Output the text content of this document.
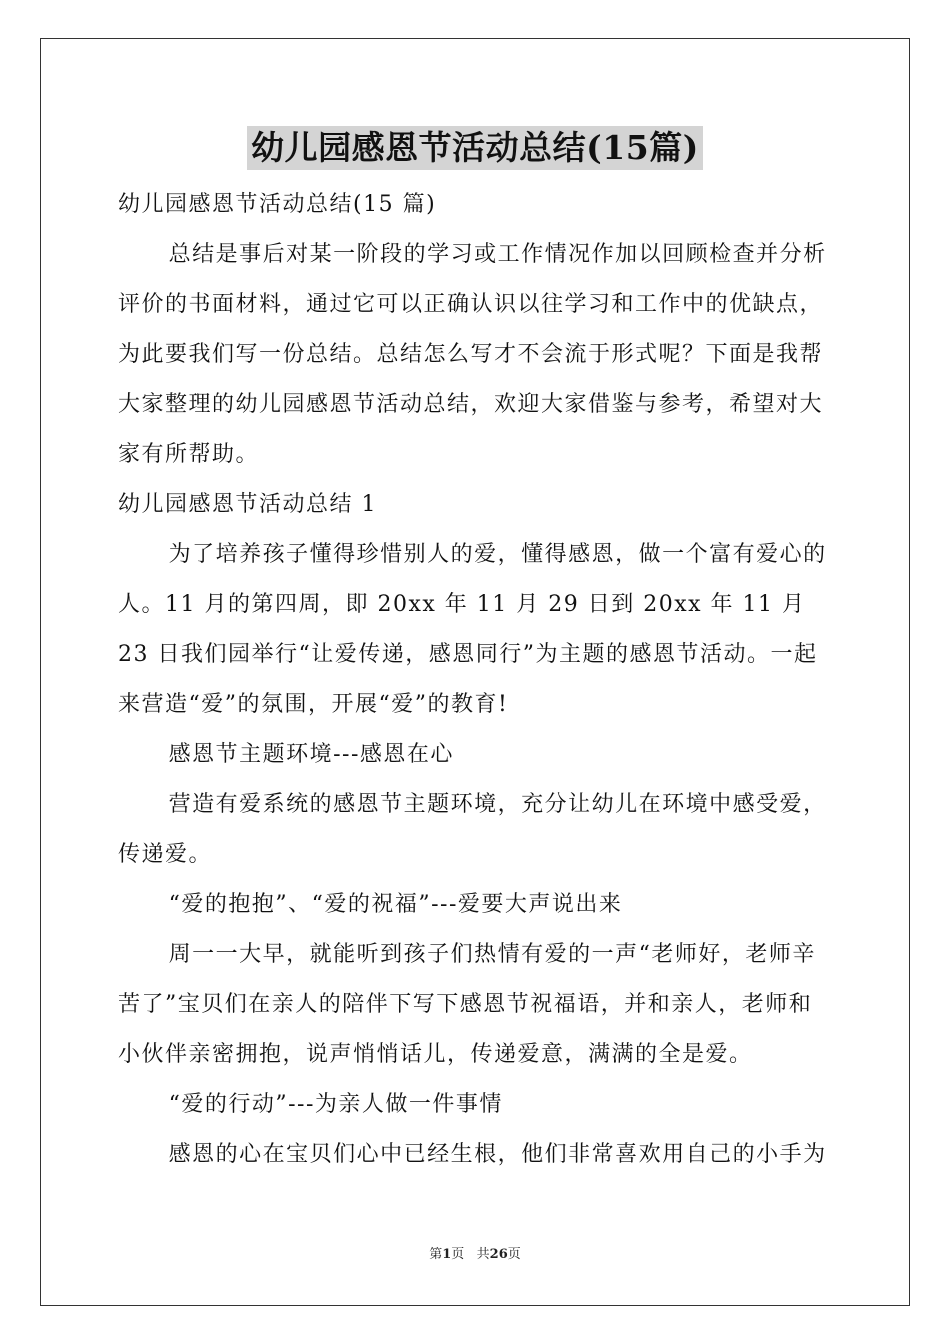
幼儿园感恩节活动总结(15篇)

幼儿园感恩节活动总结(15 篇)

总结是事后对某一阶段的学习或工作情况作加以回顾检查并分析评价的书面材料，通过它可以正确认识以往学习和工作中的优缺点，为此要我们写一份总结。总结怎么写才不会流于形式呢？下面是我帮大家整理的幼儿园感恩节活动总结，欢迎大家借鉴与参考，希望对大家有所帮助。

幼儿园感恩节活动总结 1

为了培养孩子懂得珍惜别人的爱，懂得感恩，做一个富有爱心的人。11 月的第四周，即 20xx 年 11 月 29 日到 20xx 年 11 月 23 日我们园举行“让爱传递，感恩同行”为主题的感恩节活动。一起来营造“爱”的氛围，开展“爱”的教育!

感恩节主题环境---感恩在心

营造有爱系统的感恩节主题环境，充分让幼儿在环境中感受爱，传递爱。

“爱的抱抱”、“爱的祝福”---爱要大声说出来

周一一大早，就能听到孩子们热情有爱的一声“老师好，老师辛苦了”宝贝们在亲人的陪伴下写下感恩节祝福语，并和亲人，老师和小伙伴亲密拥抱，说声悄悄话儿，传递爱意，满满的全是爱。

“爱的行动”---为亲人做一件事情

感恩的心在宝贝们心中已经生根，他们非常喜欢用自己的小手为

第1页   共26页
